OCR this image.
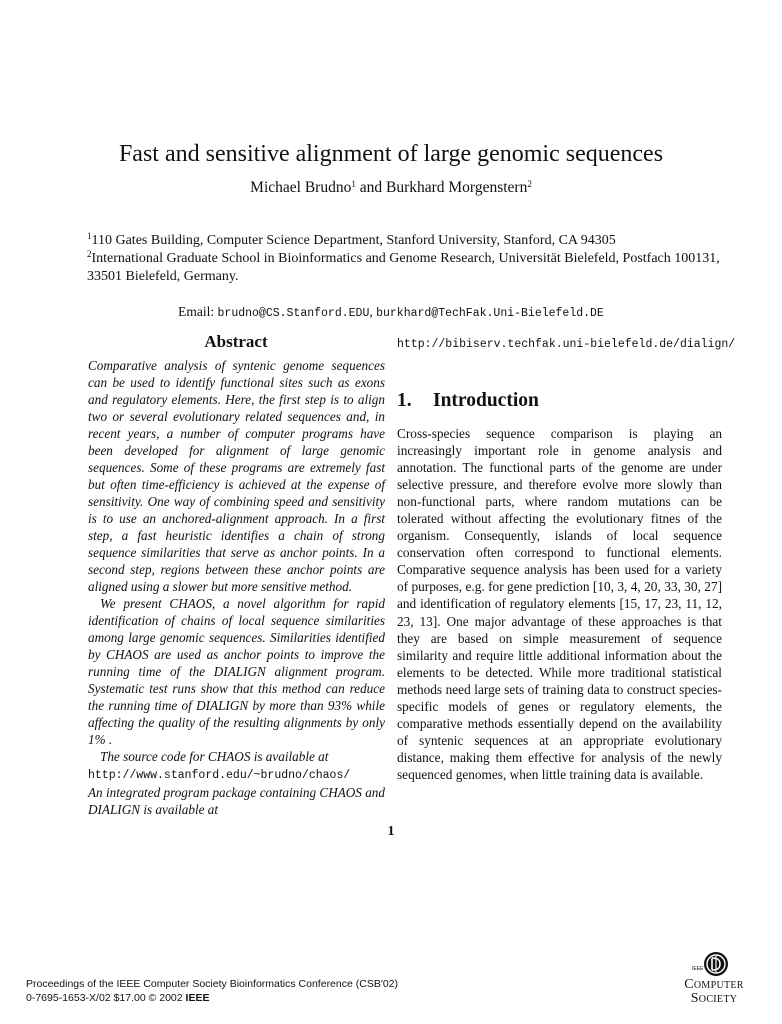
Fast and sensitive alignment of large genomic sequences
Michael Brudno$^1$ and Burkhard Morgenstern$^2$
$^1$110 Gates Building, Computer Science Department, Stanford University, Stanford, CA 94305
$^2$International Graduate School in Bioinformatics and Genome Research, Universität Bielefeld, Postfach 100131, 33501 Bielefeld, Germany.
Email: brudno@CS.Stanford.EDU, burkhard@TechFak.Uni-Bielefeld.DE
Abstract

Comparative analysis of syntenic genome sequences can be used to identify functional sites such as exons and regulatory elements. Here, the first step is to align two or several evolutionary related sequences and, in recent years, a number of computer programs have been developed for alignment of large genomic sequences. Some of these programs are extremely fast but often time-efficiency is achieved at the expense of sensitivity. One way of combining speed and sensitivity is to use an anchored-alignment approach. In a first step, a fast heuristic identifies a chain of strong sequence similarities that serve as anchor points. In a second step, regions between these anchor points are aligned using a slower but more sensitive method.

We present CHAOS, a novel algorithm for rapid identification of chains of local sequence similarities among large genomic sequences. Similarities identified by CHAOS are used as anchor points to improve the running time of the DIALIGN alignment program. Systematic test runs show that this method can reduce the running time of DIALIGN by more than 93% while affecting the quality of the resulting alignments by only 1% .

The source code for CHAOS is available at

http://www.stanford.edu/~brudno/chaos/

An integrated program package containing CHAOS and DIALIGN is available at

http://bibiserv.techfak.uni-bielefeld.de/dialign/
1. Introduction

Cross-species sequence comparison is playing an increasingly important role in genome analysis and annotation. The functional parts of the genome are under selective pressure, and therefore evolve more slowly than non-functional parts, where random mutations can be tolerated without affecting the evolutionary fitnes of the organism. Consequently, islands of local sequence conservation often correspond to functional elements. Comparative sequence analysis has been used for a variety of purposes, e.g. for gene prediction [10, 3, 4, 20, 33, 30, 27] and identification of regulatory elements [15, 17, 23, 11, 12, 23, 13]. One major advantage of these approaches is that they are based on simple measurement of sequence similarity and require little additional information about the elements to be detected. While more traditional statistical methods need large sets of training data to construct species-specific models of genes or regulatory elements, the comparative methods essentially depend on the availability of syntenic sequences at an appropriate evolutionary distance, making them effective for analysis of the newly sequenced genomes, when little training data is available.

1
Proceedings of the IEEE Computer Society Bioinformatics Conference (CSB'02)
0-7695-1653-X/02 $17.00 © 2002 IEEE
IEEE
Computer
Society
